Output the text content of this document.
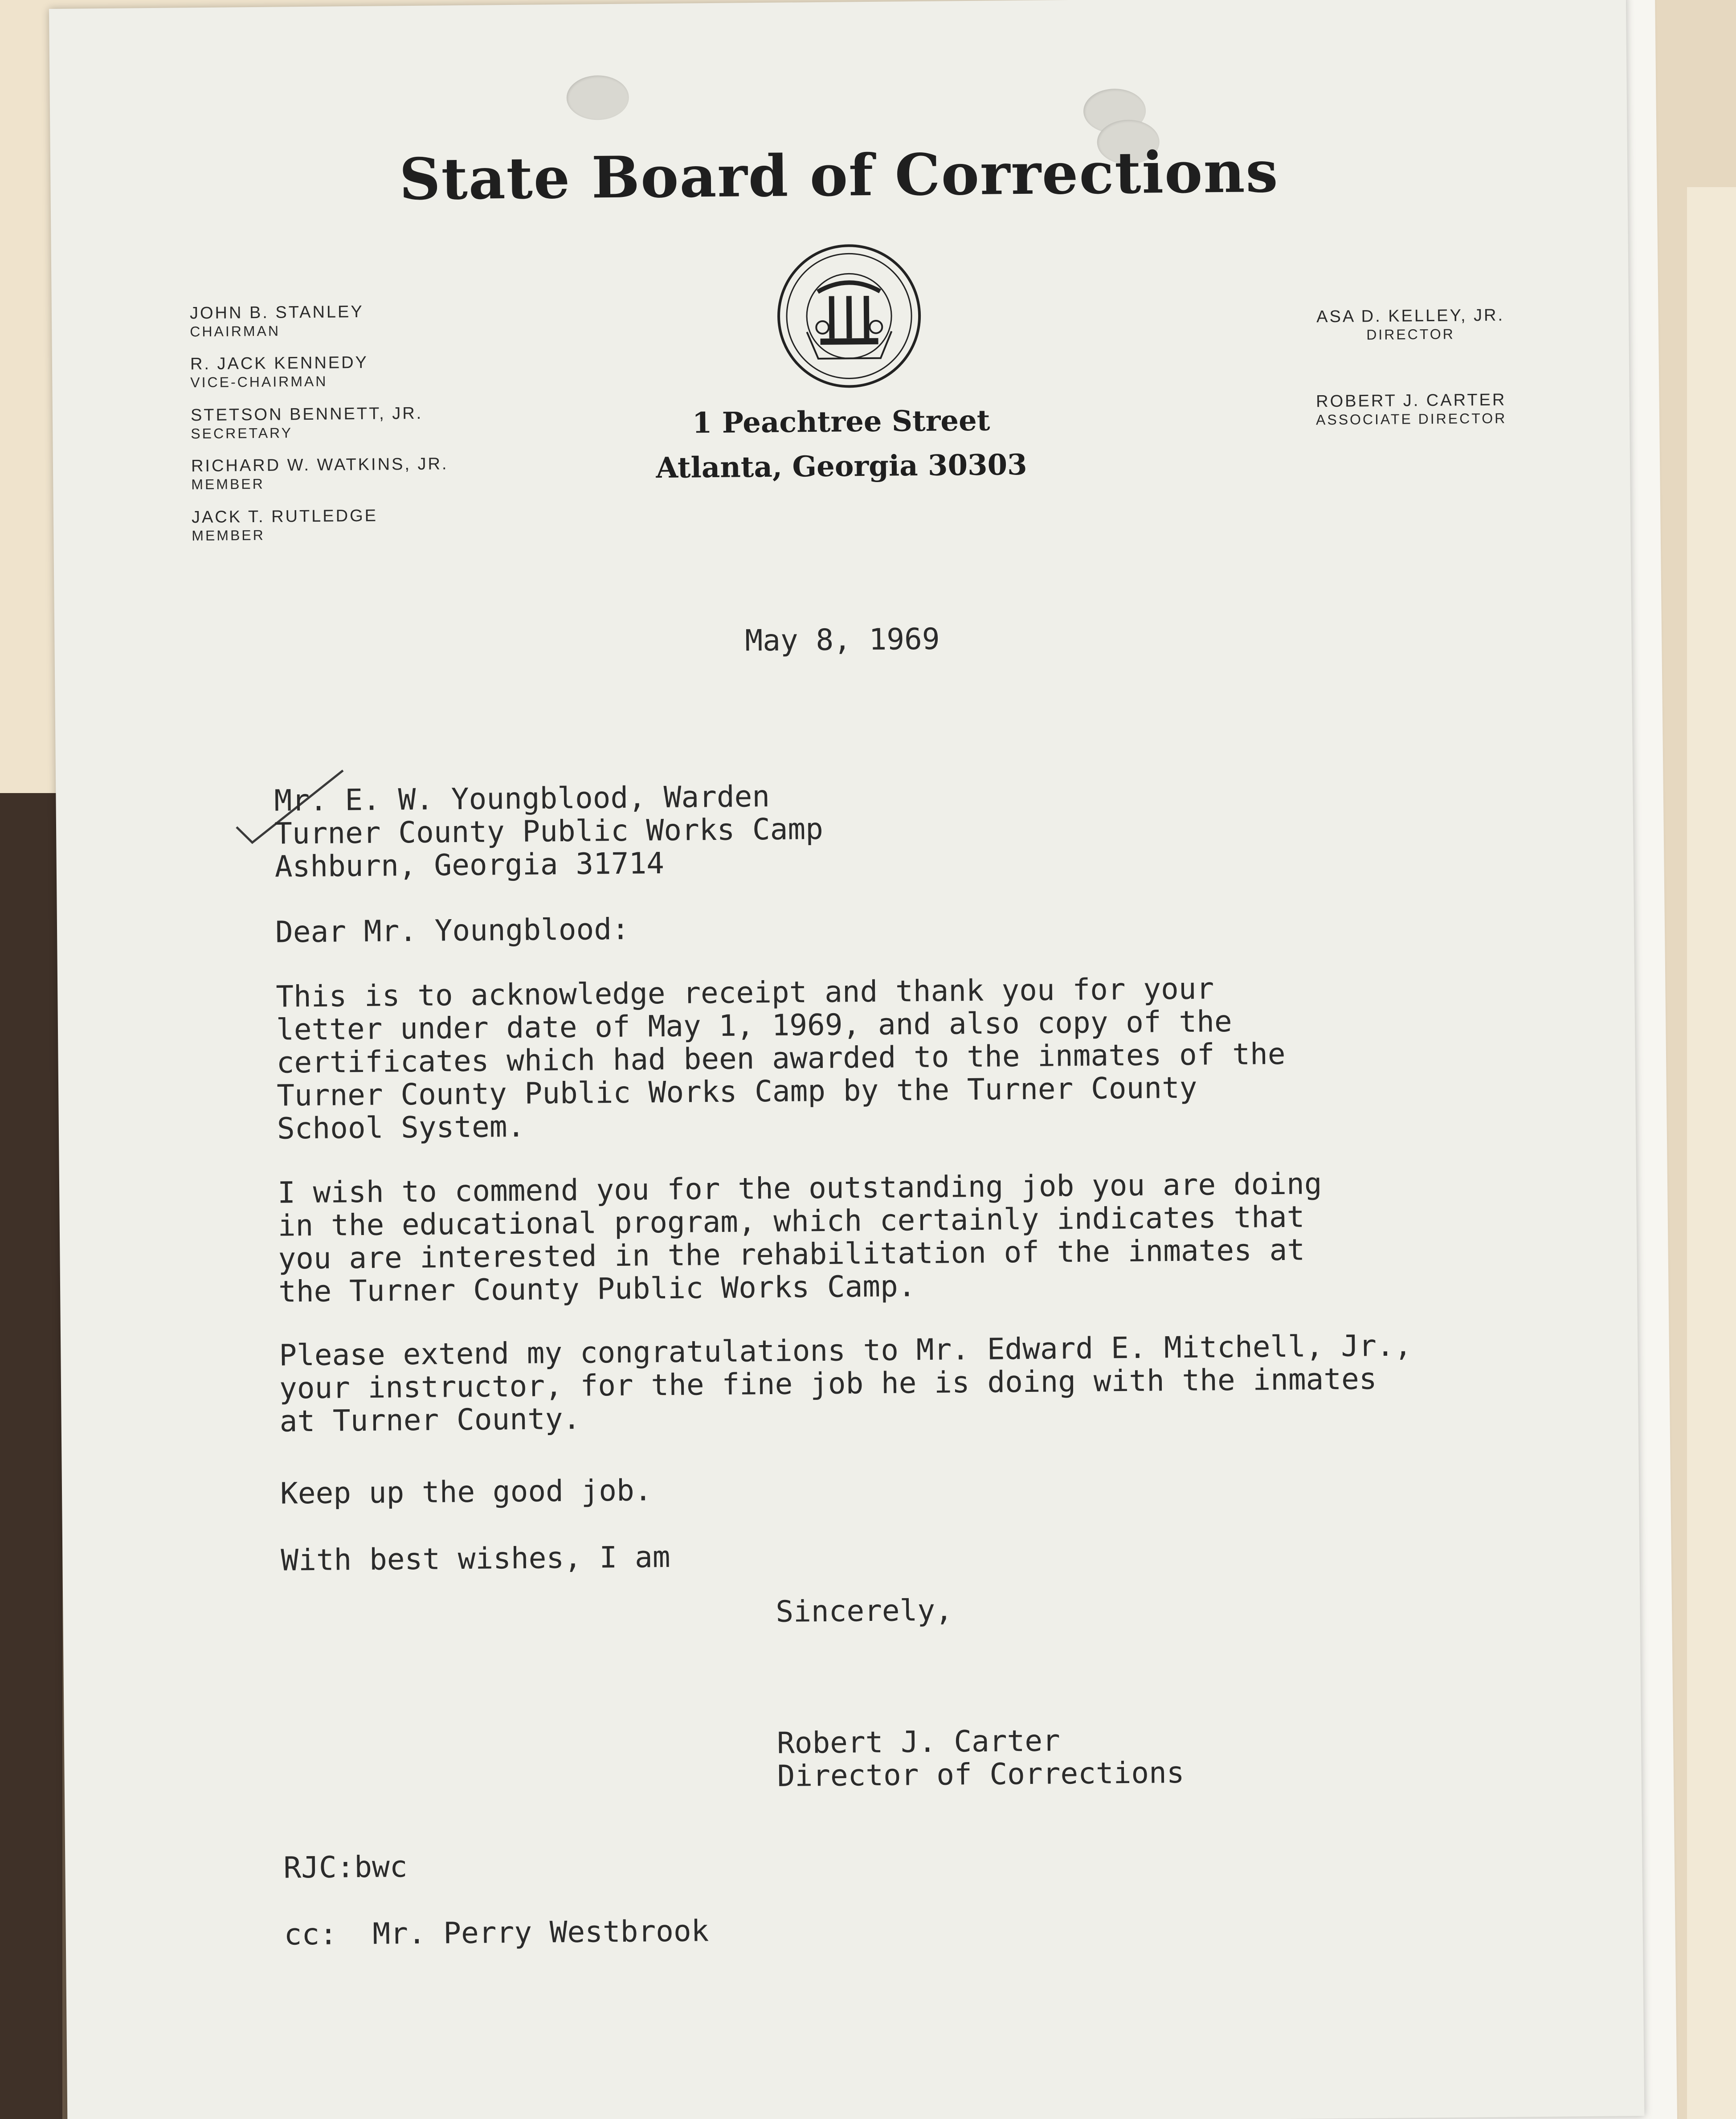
State Board of Corrections
1 Peachtree Street
Atlanta, Georgia 30303
JOHN B. STANLEY
CHAIRMAN
R. JACK KENNEDY
VICE-CHAIRMAN
STETSON BENNETT, JR.
SECRETARY
RICHARD W. WATKINS, JR.
MEMBER
JACK T. RUTLEDGE
MEMBER
ASA D. KELLEY, JR.
DIRECTOR
ROBERT J. CARTER
ASSOCIATE DIRECTOR
May 8, 1969
Mr. E. W. Youngblood, Warden
Turner County Public Works Camp
Ashburn, Georgia 31714
Dear Mr. Youngblood:
This is to acknowledge receipt and thank you for your
letter under date of May 1, 1969, and also copy of the
certificates which had been awarded to the inmates of the
Turner County Public Works Camp by the Turner County
School System.
I wish to commend you for the outstanding job you are doing
in the educational program, which certainly indicates that
you are interested in the rehabilitation of the inmates at
the Turner County Public Works Camp.
Please extend my congratulations to Mr. Edward E. Mitchell, Jr.,
your instructor, for the fine job he is doing with the inmates
at Turner County.
Keep up the good job.
With best wishes, I am
Sincerely,
Robert J. Carter
Director of Corrections
RJC:bwc
cc:  Mr. Perry Westbrook
